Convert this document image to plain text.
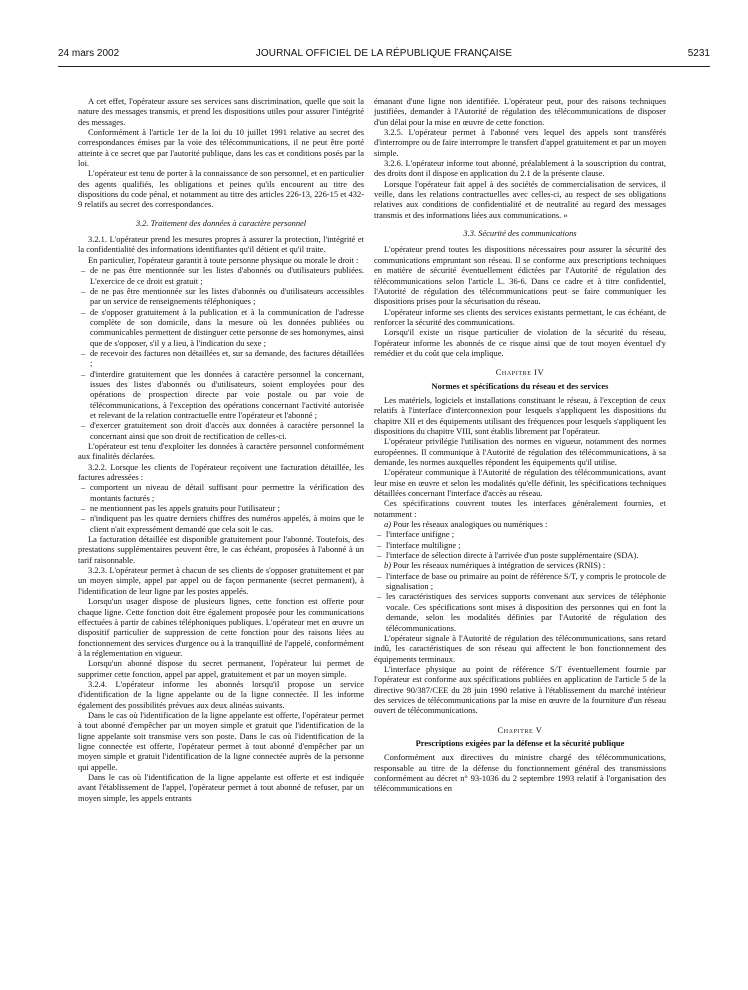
24 mars 2002	JOURNAL OFFICIEL DE LA RÉPUBLIQUE FRANÇAISE	5231

A cet effet, l'opérateur assure ses services sans discrimination, quelle que soit la nature des messages transmis, et prend les dispositions utiles pour assurer l'intégrité des messages.

Conformément à l'article 1er de la loi du 10 juillet 1991 relative au secret des correspondances émises par la voie des télécommunications, il ne peut être porté atteinte à ce secret que par l'autorité publique, dans les cas et conditions posés par la loi.

L'opérateur est tenu de porter à la connaissance de son personnel, et en particulier des agents qualifiés, les obligations et peines qu'ils encourent au titre des dispositions du code pénal, et notamment au titre des articles 226-13, 226-15 et 432-9 relatifs au secret des correspondances.

3.2. Traitement des données à caractère personnel

3.2.1. L'opérateur prend les mesures propres à assurer la protection, l'intégrité et la confidentialité des informations identifiantes qu'il détient et qu'il traite.

En particulier, l'opérateur garantit à toute personne physique ou morale le droit :

– de ne pas être mentionnée sur les listes d'abonnés ou d'utilisateurs publiées. L'exercice de ce droit est gratuit ;
– de ne pas être mentionnée sur les listes d'abonnés ou d'utilisateurs accessibles par un service de renseignements téléphoniques ;
– de s'opposer gratuitement à la publication et à la communication de l'adresse complète de son domicile, dans la mesure où les données publiées ou communicables permettent de distinguer cette personne de ses homonymes, ainsi que de s'opposer, s'il y a lieu, à l'indication du sexe ;
– de recevoir des factures non détaillées et, sur sa demande, des factures détaillées ;
– d'interdire gratuitement que les données à caractère personnel la concernant, issues des listes d'abonnés ou d'utilisateurs, soient employées pour des opérations de prospection directe par voie postale ou par voie de télécommunications, à l'exception des opérations concernant l'activité autorisée et relevant de la relation contractuelle entre l'opérateur et l'abonné ;
– d'exercer gratuitement son droit d'accès aux données à caractère personnel la concernant ainsi que son droit de rectification de celles-ci.

L'opérateur est tenu d'exploiter les données à caractère personnel conformément aux finalités déclarées.

3.2.2. Lorsque les clients de l'opérateur reçoivent une facturation détaillée, les factures adressées :

– comportent un niveau de détail suffisant pour permettre la vérification des montants facturés ;
– ne mentionnent pas les appels gratuits pour l'utilisateur ;
– n'indiquent pas les quatre derniers chiffres des numéros appelés, à moins que le client n'ait expressément demandé que cela soit le cas.

La facturation détaillée est disponible gratuitement pour l'abonné. Toutefois, des prestations supplémentaires peuvent être, le cas échéant, proposées à l'abonné à un tarif raisonnable.

3.2.3. L'opérateur permet à chacun de ses clients de s'opposer gratuitement et par un moyen simple, appel par appel ou de façon permanente (secret permanent), à l'identification de leur ligne par les postes appelés.

Lorsqu'un usager dispose de plusieurs lignes, cette fonction est offerte pour chaque ligne. Cette fonction doit être également proposée pour les communications effectuées à partir de cabines téléphoniques publiques. L'opérateur met en œuvre un dispositif particulier de suppression de cette fonction pour des raisons liées au fonctionnement des services d'urgence ou à la tranquillité de l'appelé, conformément à la réglementation en vigueur.

Lorsqu'un abonné dispose du secret permanent, l'opérateur lui permet de supprimer cette fonction, appel par appel, gratuitement et par un moyen simple.

3.2.4. L'opérateur informe les abonnés lorsqu'il propose un service d'identification de la ligne appelante ou de la ligne connectée. Il les informe également des possibilités prévues aux deux alinéas suivants.

Dans le cas où l'identification de la ligne appelante est offerte, l'opérateur permet à tout abonné d'empêcher par un moyen simple et gratuit que l'identification de la ligne appelante soit transmise vers son poste. Dans le cas où l'identification de la ligne connectée est offerte, l'opérateur permet à tout abonné d'empêcher par un moyen simple et gratuit l'identification de la ligne connectée auprès de la personne qui appelle.

Dans le cas où l'identification de la ligne appelante est offerte et est indiquée avant l'établissement de l'appel, l'opérateur permet à tout abonné de refuser, par un moyen simple, les appels entrants

émanant d'une ligne non identifiée. L'opérateur peut, pour des raisons techniques justifiées, demander à l'Autorité de régulation des télécommunications de disposer d'un délai pour la mise en œuvre de cette fonction.

3.2.5. L'opérateur permet à l'abonné vers lequel des appels sont transférés d'interrompre ou de faire interrompre le transfert d'appel gratuitement et par un moyen simple.

3.2.6. L'opérateur informe tout abonné, préalablement à la souscription du contrat, des droits dont il dispose en application du 2.1 de la présente clause.

Lorsque l'opérateur fait appel à des sociétés de commercialisation de services, il veille, dans les relations contractuelles avec celles-ci, au respect de ses obligations relatives aux conditions de confidentialité et de neutralité au regard des messages transmis et des informations liées aux communications. »

3.3. Sécurité des communications

L'opérateur prend toutes les dispositions nécessaires pour assurer la sécurité des communications empruntant son réseau. Il se conforme aux prescriptions techniques en matière de sécurité éventuellement édictées par l'Autorité de régulation des télécommunications selon l'article L. 36-6. Dans ce cadre et à titre confidentiel, l'Autorité de régulation des télécommunications peut se faire communiquer les dispositions prises pour la sécurisation du réseau.

L'opérateur informe ses clients des services existants permettant, le cas échéant, de renforcer la sécurité des communications.

Lorsqu'il existe un risque particulier de violation de la sécurité du réseau, l'opérateur informe les abonnés de ce risque ainsi que de tout moyen éventuel d'y remédier et du coût que cela implique.

Chapitre IV
Normes et spécifications du réseau et des services

Les matériels, logiciels et installations constituant le réseau, à l'exception de ceux relatifs à l'interface d'interconnexion pour lesquels s'appliquent les dispositions du chapitre XII et des équipements utilisant des fréquences pour lesquels s'appliquent les dispositions du chapitre VIII, sont établis librement par l'opérateur.

L'opérateur privilégie l'utilisation des normes en vigueur, notamment des normes européennes. Il communique à l'Autorité de régulation des télécommunications, à sa demande, les normes auxquelles répondent les équipements qu'il utilise.

L'opérateur communique à l'Autorité de régulation des télécommunications, avant leur mise en œuvre et selon les modalités qu'elle définit, les spécifications techniques détaillées concernant l'interface d'accès au réseau.

Ces spécifications couvrent toutes les interfaces généralement fournies, et notamment :

a) Pour les réseaux analogiques ou numériques :

– l'interface unifigne ;
– l'interface multiligne ;
– l'interface de sélection directe à l'arrivée d'un poste supplémentaire (SDA).

b) Pour les réseaux numériques à intégration de services (RNIS) :

– l'interface de base ou primaire au point de référence S/T, y compris le protocole de signalisation ;
– les caractéristiques des services supports convenant aux services de téléphonie vocale. Ces spécifications sont mises à disposition des personnes qui en font la demande, selon les modalités définies par l'Autorité de régulation des télécommunications.

L'opérateur signale à l'Autorité de régulation des télécommunications, sans retard indû, les caractéristiques de son réseau qui affectent le bon fonctionnement des équipements terminaux.

L'interface physique au point de référence S/T éventuellement fournie par l'opérateur est conforme aux spécifications publiées en application de l'article 5 de la directive 90/387/CEE du 28 juin 1990 relative à l'établissement du marché intérieur des services de télécommunications par la mise en œuvre de la fourniture d'un réseau ouvert de télécommunications.

Chapitre V
Prescriptions exigées par la défense et la sécurité publique

Conformément aux directives du ministre chargé des télécommunications, responsable au titre de la défense du fonctionnement général des transmissions conformément au décret n° 93-1036 du 2 septembre 1993 relatif à l'organisation des télécommunications en
